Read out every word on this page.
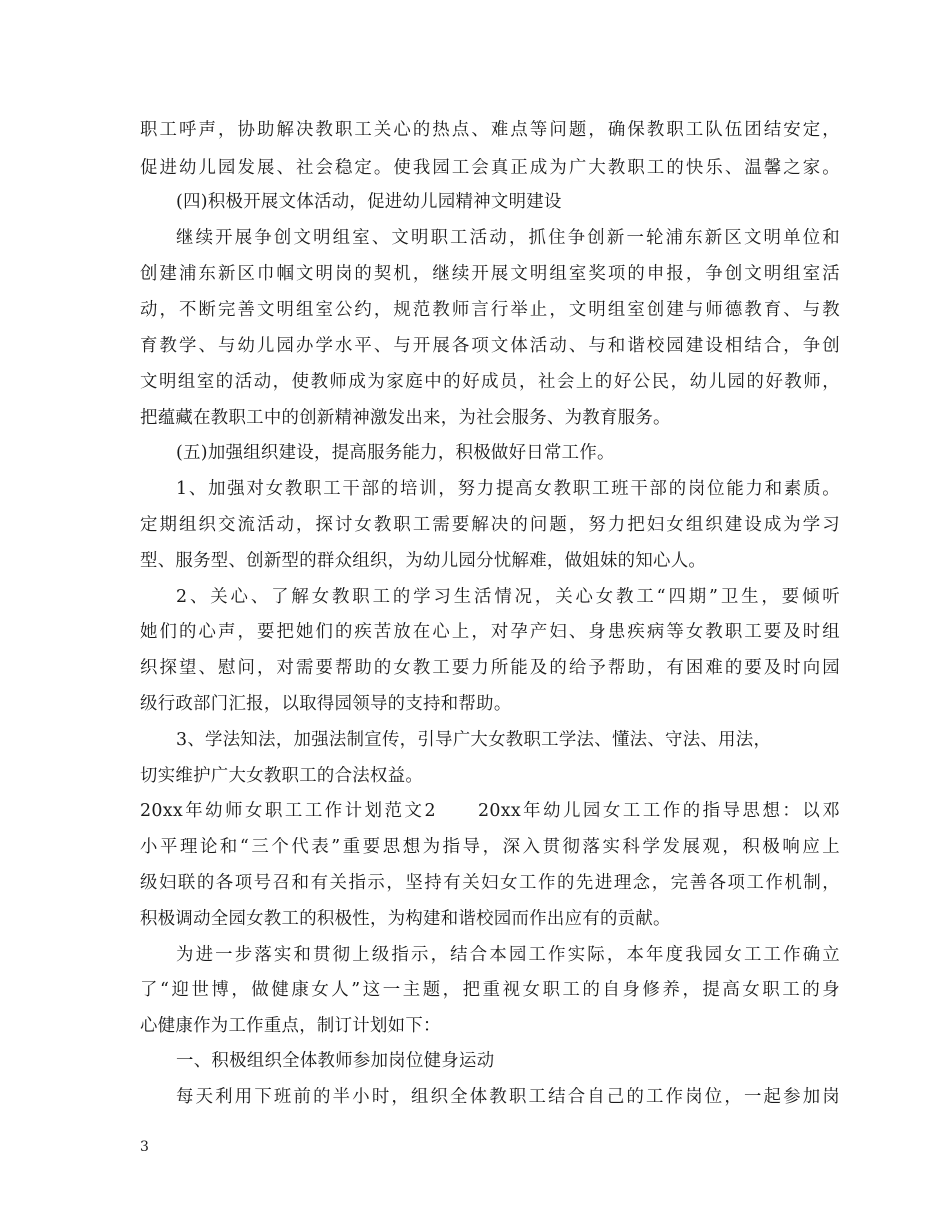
职工呼声，协助解决教职工关心的热点、难点等问题，确保教职工队伍团结安定，
促进幼儿园发展、社会稳定。使我园工会真正成为广大教职工的快乐、温馨之家。
(四)积极开展文体活动，促进幼儿园精神文明建设
继续开展争创文明组室、文明职工活动，抓住争创新一轮浦东新区文明单位和
创建浦东新区巾帼文明岗的契机，继续开展文明组室奖项的申报，争创文明组室活
动，不断完善文明组室公约，规范教师言行举止，文明组室创建与师德教育、与教
育教学、与幼儿园办学水平、与开展各项文体活动、与和谐校园建设相结合，争创
文明组室的活动，使教师成为家庭中的好成员，社会上的好公民，幼儿园的好教师，
把蕴藏在教职工中的创新精神激发出来，为社会服务、为教育服务。
(五)加强组织建设，提高服务能力，积极做好日常工作。
1、加强对女教职工干部的培训，努力提高女教职工班干部的岗位能力和素质。
定期组织交流活动，探讨女教职工需要解决的问题，努力把妇女组织建设成为学习
型、服务型、创新型的群众组织，为幼儿园分忧解难，做姐妹的知心人。
2、关心、了解女教职工的学习生活情况，关心女教工“四期”卫生，要倾听
她们的心声，要把她们的疾苦放在心上，对孕产妇、身患疾病等女教职工要及时组
织探望、慰问，对需要帮助的女教工要力所能及的给予帮助，有困难的要及时向园
级行政部门汇报，以取得园领导的支持和帮助。
3、学法知法，加强法制宣传，引导广大女教职工学法、懂法、守法、用法，
切实维护广大女教职工的合法权益。
20xx年幼师女职工工作计划范文2　　20xx年幼儿园女工工作的指导思想：以邓
小平理论和“三个代表”重要思想为指导，深入贯彻落实科学发展观，积极响应上
级妇联的各项号召和有关指示，坚持有关妇女工作的先进理念，完善各项工作机制，
积极调动全园女教工的积极性，为构建和谐校园而作出应有的贡献。
为进一步落实和贯彻上级指示，结合本园工作实际，本年度我园女工工作确立
了“迎世博，做健康女人”这一主题，把重视女职工的自身修养，提高女职工的身
心健康作为工作重点，制订计划如下：
一、积极组织全体教师参加岗位健身运动
每天利用下班前的半小时，组织全体教职工结合自己的工作岗位，一起参加岗
3
